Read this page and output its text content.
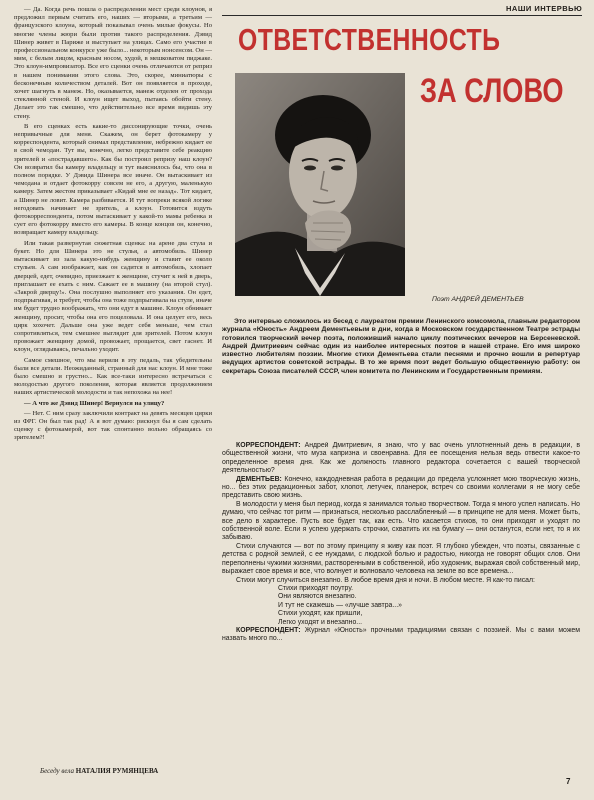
— Да. Когда речь пошла о распределении мест среди клоунов, я предложил первым считать его, наших — вторыми, а третьим — французского клоуна, который показывал очень милые фокусы. Но многие члены жюри были против такого распределения. Дэвид Шинер живет в Париже и выступает на улицах. Само его участие в профессиональном конкурсе уже было... некоторым нонсенсом. Он — мим, с белым лицом, красным носом, худой, в мешковатом пиджаке. Это клоун-импровизатор. Все его сценки очень отличаются от реприз в нашем понимании этого слова. Это, скорее, миниатюры с бесконечным количеством деталей. Вот он появляется в проходе, хочет шагнуть в манеж. Но, оказывается, манеж отделен от прохода стеклянной стеной. И клоун ищет выход, пытаясь обойти стену. Делает это так смешно, что действительно все время видишь эту стену.

В его сценках есть какие-то диссонирующие точки, очень непривычные для меня. Скажем, он берет фотокамеру у корреспондента, который снимал представление, небрежно кидает ее в свой чемодан. Тут вы, конечно, легко представите себе реакцию зрителей и «пострадавшего». Как бы построил репризу наш клоун? Он возвратил бы камеру владельцу и тут выяснилось бы, что она в полном порядке. У Дэвида Шинера все иначе. Он вытаскивает из чемодана и отдает фотокорру совсем не его, а другую, маленькую камеру. Затем жестом приказывает «Кидай мне ее назад». Тот кидает, а Шинер не ловит. Камера разбивается. И тут вопреки всякой логике негодовать начинает не зритель, а клоун. Готовится вздуть фотокорреспондента, потом вытаскивает у какой-то мамы ребенка и сует его фотокорру вместо его камеры. В конце концов он, конечно, возвращает камеру владельцу.

Или такая развернутая сюжетная сценка: на арене два стула и букет. Но для Шинера это не стулья, а автомобиль. Шинер вытаскивает из зала какую-нибудь женщину и ставит ее около стульев. А сам изображает, как он садится в автомобиль, хлопает дверцей, едет, очевидно, приезжает к женщине, стучит к ней в дверь, приглашает ее ехать с ним. Сажает ее в машину (на второй стул). «Закрой дверцу!». Она послушно выполняет его указания. Он едет, подпрыгивая, и требует, чтобы она тоже подпрыгивала на стуле, иначе им будет трудно воображать, что они едут в машине. Клоун обнимает женщину, просит, чтобы она его поцеловала. И она целует его, весь цирк хохочет. Дальше она уже ведет себя меньше, чем стал сопротивляться, тем смешнее выглядит для зрителей. Потом клоун провожает женщину домой, провожает, прощается, свет гаснет. И клоун, оглядываясь, печально уходит.

Самое смешное, что мы верили в эту педаль, так убедительны были все детали. Неожиданный, странный для нас клоун. И мне тоже было смешно и грустно... Как все-таки интересно встречаться с молодостью другого поколения, которая является продолжением наших артистической молодости и так непохожа на нее!

— А что же Дэвид Шинер! Вернулся на улицу?

— Нет. С ним сразу заключили контракт на девять месяцев цирки из ФРГ. Он был так рад! А я вот думаю: рискнул бы я сам сделать сценку с фотокамерой, вот так спонтанно вольно обращаясь со зрителем?!

Беседу вела НАТАЛИЯ РУМЯНЦЕВА
НАШИ ИНТЕРВЬЮ
ОТВЕТСТВЕННОСТЬ
ЗА СЛОВО
Поэт АНДРЕЙ ДЕМЕНТЬЕВ

Это интервью сложилось из бесед с лауреатом премии Ленинского комсомола, главным редактором журнала «Юность» Андреем Дементьевым в дни, когда в Московском государственном Театре эстрады готовился творческий вечер поэта, положивший начало циклу поэтических вечеров на Берсеневской. Андрей Дмитриевич сейчас один из наиболее интересных поэтов в нашей стране. Его имя широко известно любителям поэзии. Многие стихи Дементьева стали песнями и прочно вошли в репертуар ведущих артистов советской эстрады. В то же время поэт ведет большую общественную работу: он секретарь Союза писателей СССР, член комитета по Ленинским и Государственным премиям.

КОРРЕСПОНДЕНТ: Андрей Дмитриевич, я знаю, что у вас очень уплотненный день в редакции, в общественной жизни, что муза капризна и своенравна. Для ее посещения нельзя ведь отвести какое-то определенное время дня. Как же должность главного редактора сочетается с вашей творческой деятельностью?

ДЕМЕНТЬЕВ: Конечно, каждодневная работа в редакции до предела усложняет мою творческую жизнь, но... без этих редакционных забот, хлопот, летучек, планерок, встреч со своими коллегами я не могу себе представить свою жизнь.

В молодости у меня был период, когда я занимался только творчеством. Тогда я много успел написать. Но думаю, что сейчас тот ритм — признаться, несколько расслабленный — в принципе не для меня. Может быть, все дело в характере. Пусть все будет так, как есть. Что касается стихов, то они приходят и уходят по собственной воле. Если я успею удержать строчки, схватить их на бумагу — они останутся, если нет, то я их забываю.

Стихи случаются — вот по этому принципу я живу как поэт. Я глубоко убежден, что поэты, связанные с детства с родной землей, с ее нуждами, с людской болью и радостью, никогда не говорят общих слов. Они переполнены чужими жизнями, растворенными в собственной, ибо художник, выражая свой собственный мир, выражает свое время и все, что волнует и волновало человека на земле во все времена...

Стихи могут случиться внезапно. В любое время дня и ночи. В любом месте. Я как-то писал:

Стихи приходят поутру.

Они являются внезапно.

И тут не скажешь — «лучше завтра...»

Стихи уходят, как пришли,

Легко уходят и внезапно...

КОРРЕСПОНДЕНТ: Журнал «Юность» прочными традициями связан с поэзией. Мы с вами можем назвать много по...

7
